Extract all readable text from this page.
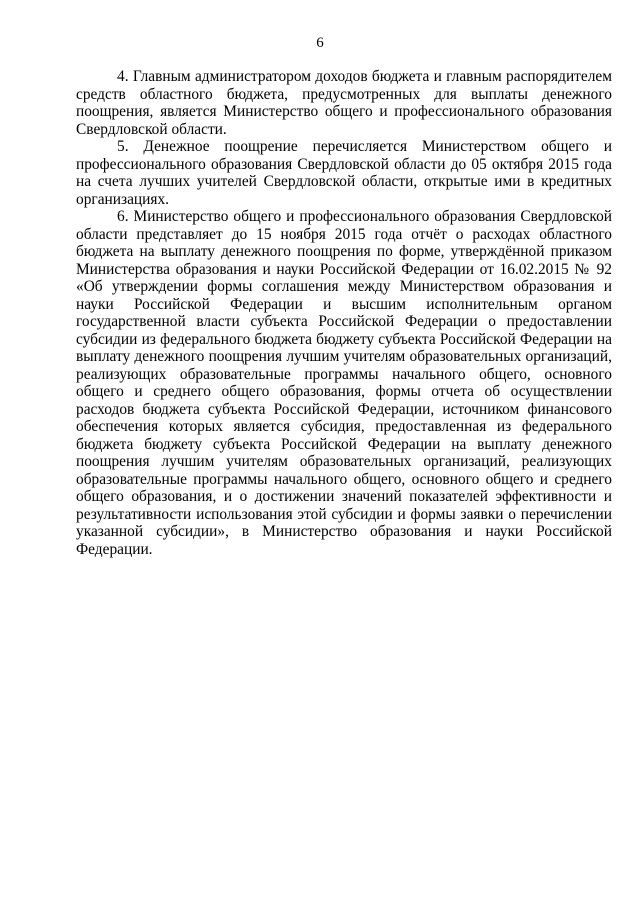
6

4. Главным администратором доходов бюджета и главным распорядителем средств областного бюджета, предусмотренных для выплаты денежного поощрения, является Министерство общего и профессионального образования Свердловской области.

5. Денежное поощрение перечисляется Министерством общего и профессионального образования Свердловской области до 05 октября 2015 года на счета лучших учителей Свердловской области, открытые ими в кредитных организациях.

6. Министерство общего и профессионального образования Свердловской области представляет до 15 ноября 2015 года отчёт о расходах областного бюджета на выплату денежного поощрения по форме, утверждённой приказом Министерства образования и науки Российской Федерации от 16.02.2015 № 92 «Об утверждении формы соглашения между Министерством образования и науки Российской Федерации и высшим исполнительным органом государственной власти субъекта Российской Федерации о предоставлении субсидии из федерального бюджета бюджету субъекта Российской Федерации на выплату денежного поощрения лучшим учителям образовательных организаций, реализующих образовательные программы начального общего, основного общего и среднего общего образования, формы отчета об осуществлении расходов бюджета субъекта Российской Федерации, источником финансового обеспечения которых является субсидия, предоставленная из федерального бюджета бюджету субъекта Российской Федерации на выплату денежного поощрения лучшим учителям образовательных организаций, реализующих образовательные программы начального общего, основного общего и среднего общего образования, и о достижении значений показателей эффективности и результативности использования этой субсидии и формы заявки о перечислении указанной субсидии», в Министерство образования и науки Российской Федерации.
